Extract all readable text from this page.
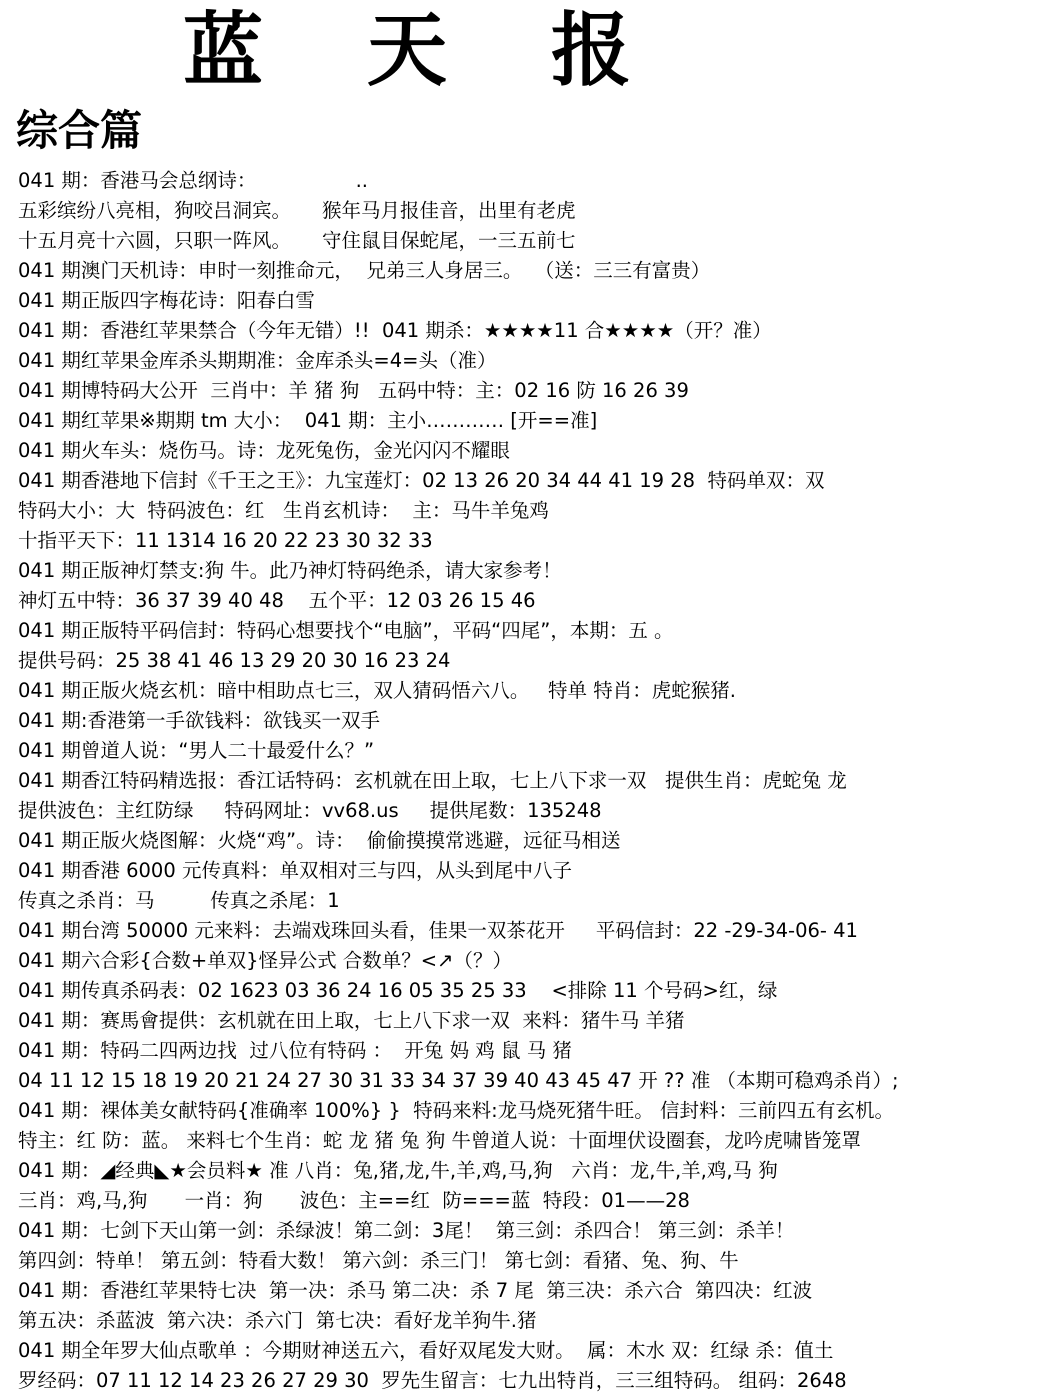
蓝 天 报
综合篇
041 期：香港马会总纲诗：                ..
五彩缤纷八亮相，狗咬吕洞宾。     猴年马月报佳音，出里有老虎
十五月亮十六圆，只职一阵风。     守住鼠目保蛇尾，一三五前七
041 期澳门天机诗：申时一刻推命元，  兄弟三人身居三。  （送：三三有富贵）
041 期正版四字梅花诗：阳春白雪
041 期：香港红苹果禁合（今年无错）!!  041 期杀：★★★★11 合★★★★（开？准）
041 期红苹果金库杀头期期准：金库杀头=4=头（准）
041 期博特码大公开  三肖中：羊 猪 狗   五码中特：主：02 16 防 16 26 39
041 期红苹果※期期 tm 大小：  041 期：主小………… [开==准]
041 期火车头：烧伤马。诗：龙死兔伤，金光闪闪不耀眼
041 期香港地下信封《千王之王》：九宝莲灯：02 13 26 20 34 44 41 19 28  特码单双：双
特码大小：大  特码波色：红   生肖玄机诗：  主：马牛羊兔鸡
十指平天下：11 1314 16 20 22 23 30 32 33
041 期正版神灯禁支:狗 牛。此乃神灯特码绝杀，请大家参考！
神灯五中特：36 37 39 40 48    五个平：12 03 26 15 46
041 期正版特平码信封：特码心想要找个“电脑”，平码“四尾”，本期：五 。
提供号码：25 38 41 46 13 29 20 30 16 23 24
041 期正版火烧玄机：暗中相助点七三，双人猜码悟六八。   特单 特肖：虎蛇猴猪.
041 期:香港第一手欲钱料：欲钱买一双手
041 期曾道人说：“男人二十最爱什么？”
041 期香江特码精选报：香江话特码：玄机就在田上取，七上八下求一双   提供生肖：虎蛇兔 龙
提供波色：主红防绿     特码网址：vv68.us     提供尾数：135248
041 期正版火烧图解：火烧“鸡”。诗：  偷偷摸摸常逃避，远征马相送
041 期香港 6000 元传真料：单双相对三与四，从头到尾中八子
传真之杀肖：马         传真之杀尾：1
041 期台湾 50000 元来料：去端戏珠回头看，佳果一双茶花开     平码信封：22 -29-34-06- 41
041 期六合彩{合数+单双}怪异公式 合数单？<↗（？）
041 期传真杀码表：02 1623 03 36 24 16 05 35 25 33    <排除 11 个号码>红，绿
041 期：赛馬會提供：玄机就在田上取，七上八下求一双  来料：猪牛马 羊猪
041 期：特码二四两边找  过八位有特码 ：  开兔 妈 鸡 鼠 马 猪
04 11 12 15 18 19 20 21 24 27 30 31 33 34 37 39 40 43 45 47 开 ?? 准 （本期可稳鸡杀肖）;
041 期：裸体美女献特码{准确率 100%} }  特码来料:龙马烧死猪牛旺。 信封料：三前四五有玄机。
特主：红 防：蓝。 来料七个生肖：蛇 龙 猪 兔 狗 牛曾道人说：十面埋伏设圈套，龙吟虎啸皆笼罩
041 期：◢经典◣★会员料★ 准 八肖：兔,猪,龙,牛,羊,鸡,马,狗   六肖：龙,牛,羊,鸡,马 狗
三肖：鸡,马,狗      一肖：狗      波色：主==红  防===蓝  特段：01——28
041 期：七剑下天山第一剑：杀绿波！第二剑：3尾！  第三剑：杀四合！ 第三剑：杀羊！
第四剑：特单！ 第五剑：特看大数！ 第六剑：杀三门！ 第七剑：看猪、兔、狗、牛
041 期：香港红苹果特七决  第一决：杀马 第二决：杀 7 尾  第三决：杀六合  第四决：红波
第五决：杀蓝波  第六决：杀六门  第七决：看好龙羊狗牛.猪
041 期全年罗大仙点歌单 ：今期财神送五六，看好双尾发大财。  属：木水 双：红绿 杀：值土
罗经码：07 11 12 14 23 26 27 29 30  罗先生留言：七九出特肖，三三组特码。 组码：2648
